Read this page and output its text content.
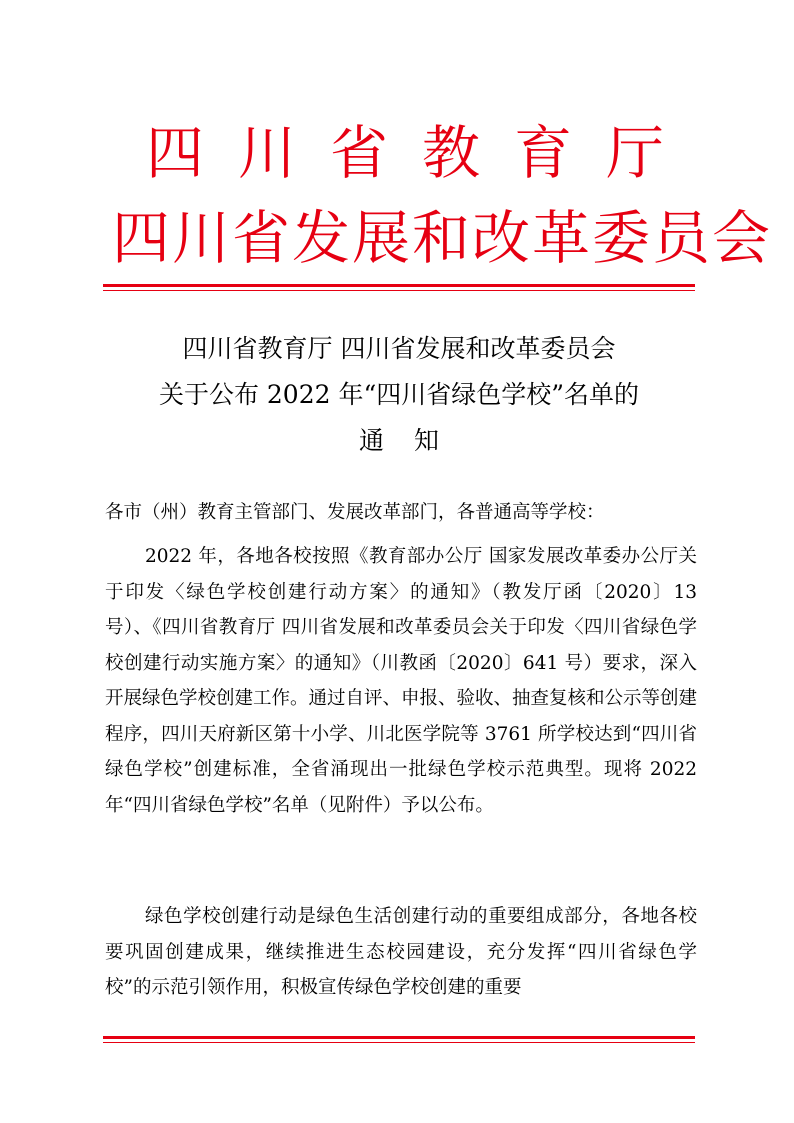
四川省教育厅
四川省发展和改革委员会
四川省教育厅 四川省发展和改革委员会
关于公布 2022 年“四川省绿色学校”名单的
通知
各市（州）教育主管部门、发展改革部门，各普通高等学校：
2022 年，各地各校按照《教育部办公厅 国家发展改革委办公厅关于印发〈绿色学校创建行动方案〉的通知》（教发厅函〔2020〕13 号）、《四川省教育厅 四川省发展和改革委员会关于印发〈四川省绿色学校创建行动实施方案〉的通知》（川教函〔2020〕641 号）要求，深入开展绿色学校创建工作。通过自评、申报、验收、抽查复核和公示等创建程序，四川天府新区第十小学、川北医学院等 3761 所学校达到“四川省绿色学校”创建标准，全省涌现出一批绿色学校示范典型。现将 2022 年“四川省绿色学校”名单（见附件）予以公布。
绿色学校创建行动是绿色生活创建行动的重要组成部分，各地各校要巩固创建成果，继续推进生态校园建设，充分发挥“四川省绿色学校”的示范引领作用，积极宣传绿色学校创建的重要
